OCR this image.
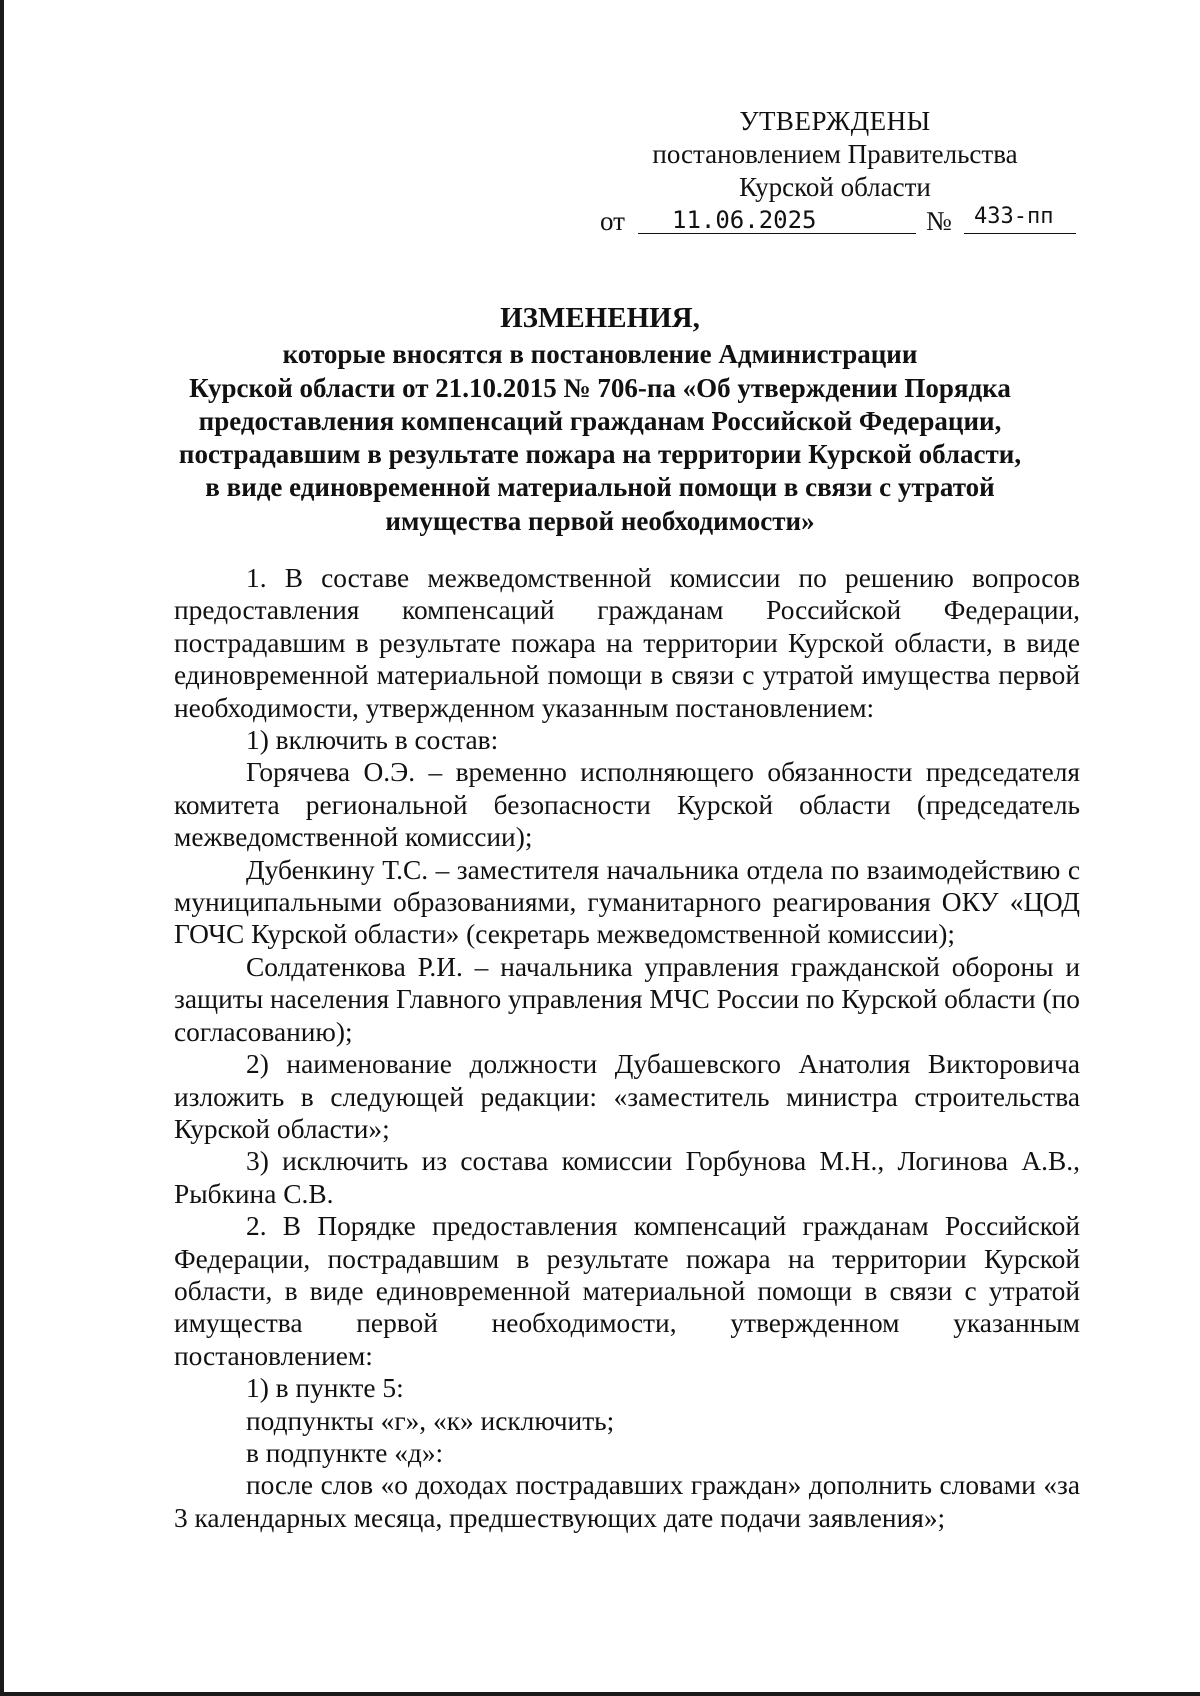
УТВЕРЖДЕНЫ
постановлением Правительства
Курской области
от	11.06.2025	№	433-пп
ИЗМЕНЕНИЯ,
которые вносятся в постановление Администрации
Курской области от 21.10.2015 № 706-па «Об утверждении Порядка
предоставления компенсаций гражданам Российской Федерации,
пострадавшим в результате пожара на территории Курской области,
в виде единовременной материальной помощи в связи с утратой
имущества первой необходимости»

1. В составе межведомственной комиссии по решению вопросов предоставления компенсаций гражданам Российской Федерации, пострадавшим в результате пожара на территории Курской области, в виде единовременной материальной помощи в связи с утратой имущества первой необходимости, утвержденном указанным постановлением:

1) включить в состав:

Горячева О.Э. – временно исполняющего обязанности председателя комитета региональной безопасности Курской области (председатель межведомственной комиссии);

Дубенкину Т.С. – заместителя начальника отдела по взаимодействию с муниципальными образованиями, гуманитарного реагирования ОКУ «ЦОД ГОЧС Курской области» (секретарь межведомственной комиссии);

Солдатенкова Р.И. – начальника управления гражданской обороны и защиты населения Главного управления МЧС России по Курской области (по согласованию);

2) наименование должности Дубашевского Анатолия Викторовича изложить в следующей редакции: «заместитель министра строительства Курской области»;

3) исключить из состава комиссии Горбунова М.Н., Логинова А.В., Рыбкина С.В.

2. В Порядке предоставления компенсаций гражданам Российской Федерации, пострадавшим в результате пожара на территории Курской области, в виде единовременной материальной помощи в связи с утратой имущества первой необходимости, утвержденном указанным постановлением:

1) в пункте 5:

подпункты «г», «к» исключить;

в подпункте «д»:

после слов «о доходах пострадавших граждан» дополнить словами «за 3 календарных месяца, предшествующих дате подачи заявления»;
